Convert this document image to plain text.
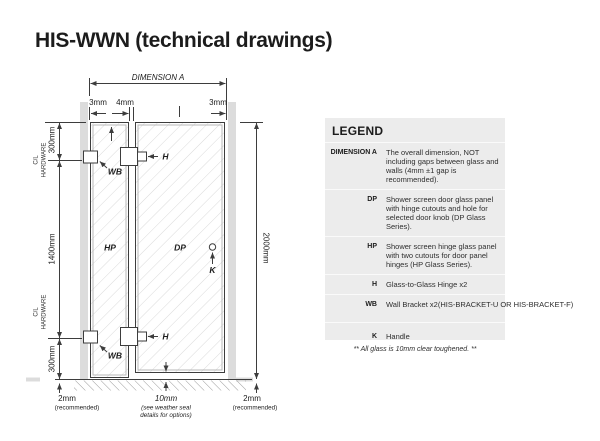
HIS-WWN (technical drawings)
DIMENSION A
3mm 4mm	3mm
300mm
C/L HARDWARE
1400mm
C/L HARDWARE
300mm
2000mm
HP	DP
WB
WB
H
H
K
2mm
(recommended)
10mm
(see weather seal
details for options)
2mm
(recommended)
LEGEND
DIMENSION A The overall dimension, NOT including gaps between glass and walls (4mm ±1 gap is recommended).
DP Shower screen door glass panel with hinge cutouts and hole for selected door knob (DP Glass Series).
HP Shower screen hinge glass panel with two cutouts for door panel hinges (HP Glass Series).
H Glass-to-Glass Hinge x2
WB Wall Bracket x2(HIS-BRACKET-U OR HIS-BRACKET-F)
K Handle
** All glass is 10mm clear toughened. **
